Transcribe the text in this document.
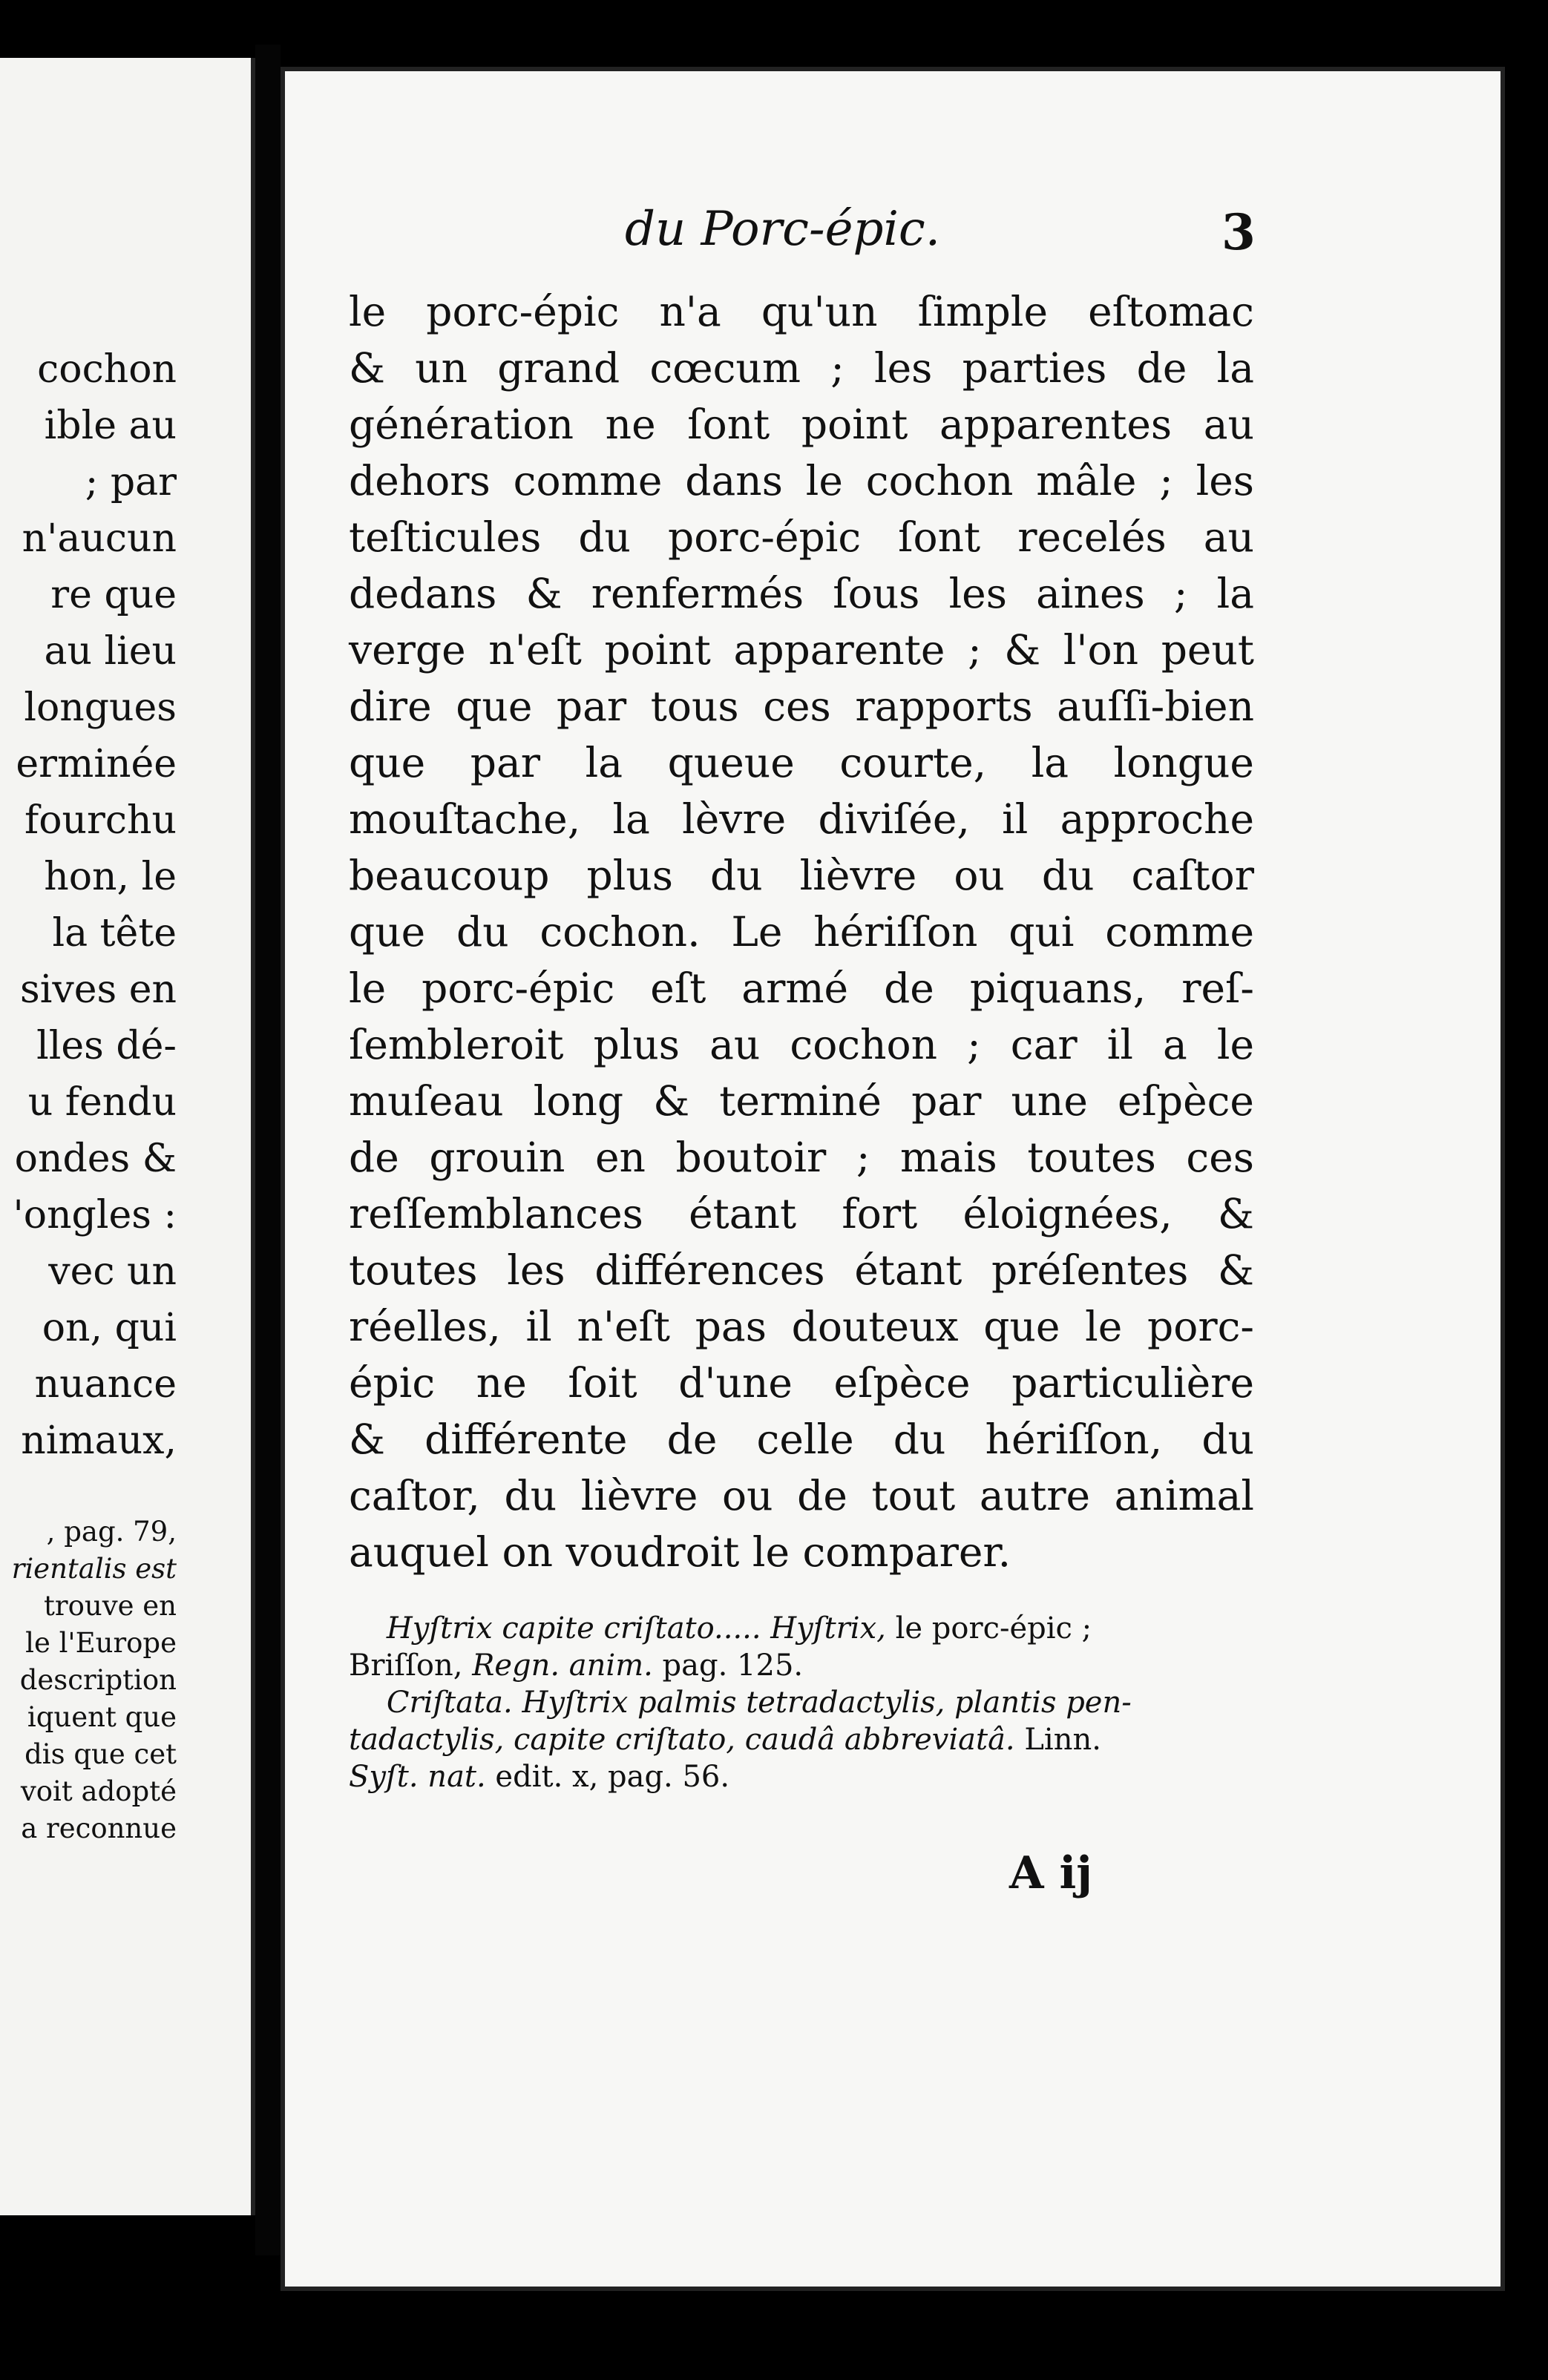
cochon
ible au
; par
n'aucun
re que
au lieu
longues
erminée
fourchu
hon, le
la tête
sives en
lles dé-
u fendu
ondes &
'ongles :
vec un
on, qui
nuance
nimaux,
, pag. 79,
rientalis est
trouve en
le l'Europe
description
iquent que
dis que cet
voit adopté
a reconnue
du Porc-épic.	3
le porc-épic n'a qu'un ſimple eſtomac
& un grand cœcum ; les parties de la
génération ne ſont point apparentes au
dehors comme dans le cochon mâle ; les
teſticules du porc-épic ſont recelés au
dedans & renfermés ſous les aines ; la
verge n'eſt point apparente ; & l'on peut
dire que par tous ces rapports auſſi-bien
que par la queue courte, la longue
mouſtache, la lèvre diviſée, il approche
beaucoup plus du lièvre ou du caſtor
que du cochon. Le hériſſon qui comme
le porc-épic eſt armé de piquans, reſ-
ſembleroit plus au cochon ; car il a le
muſeau long & terminé par une eſpèce
de grouin en boutoir ; mais toutes ces
reſſemblances étant fort éloignées, &
toutes les différences étant préſentes &
réelles, il n'eſt pas douteux que le porc-
épic ne ſoit d'une eſpèce particulière
& différente de celle du hériſſon, du
caſtor, du lièvre ou de tout autre animal
auquel on voudroit le comparer.
Hyſtrix capite criſtato..... Hyſtrix, le porc-épic ;
Briſſon, Regn. anim. pag. 125.
Criſtata. Hyſtrix palmis tetradactylis, plantis pen-
tadactylis, capite criſtato, caudâ abbreviatâ. Linn.
Syſt. nat. edit. x, pag. 56.
A ij
